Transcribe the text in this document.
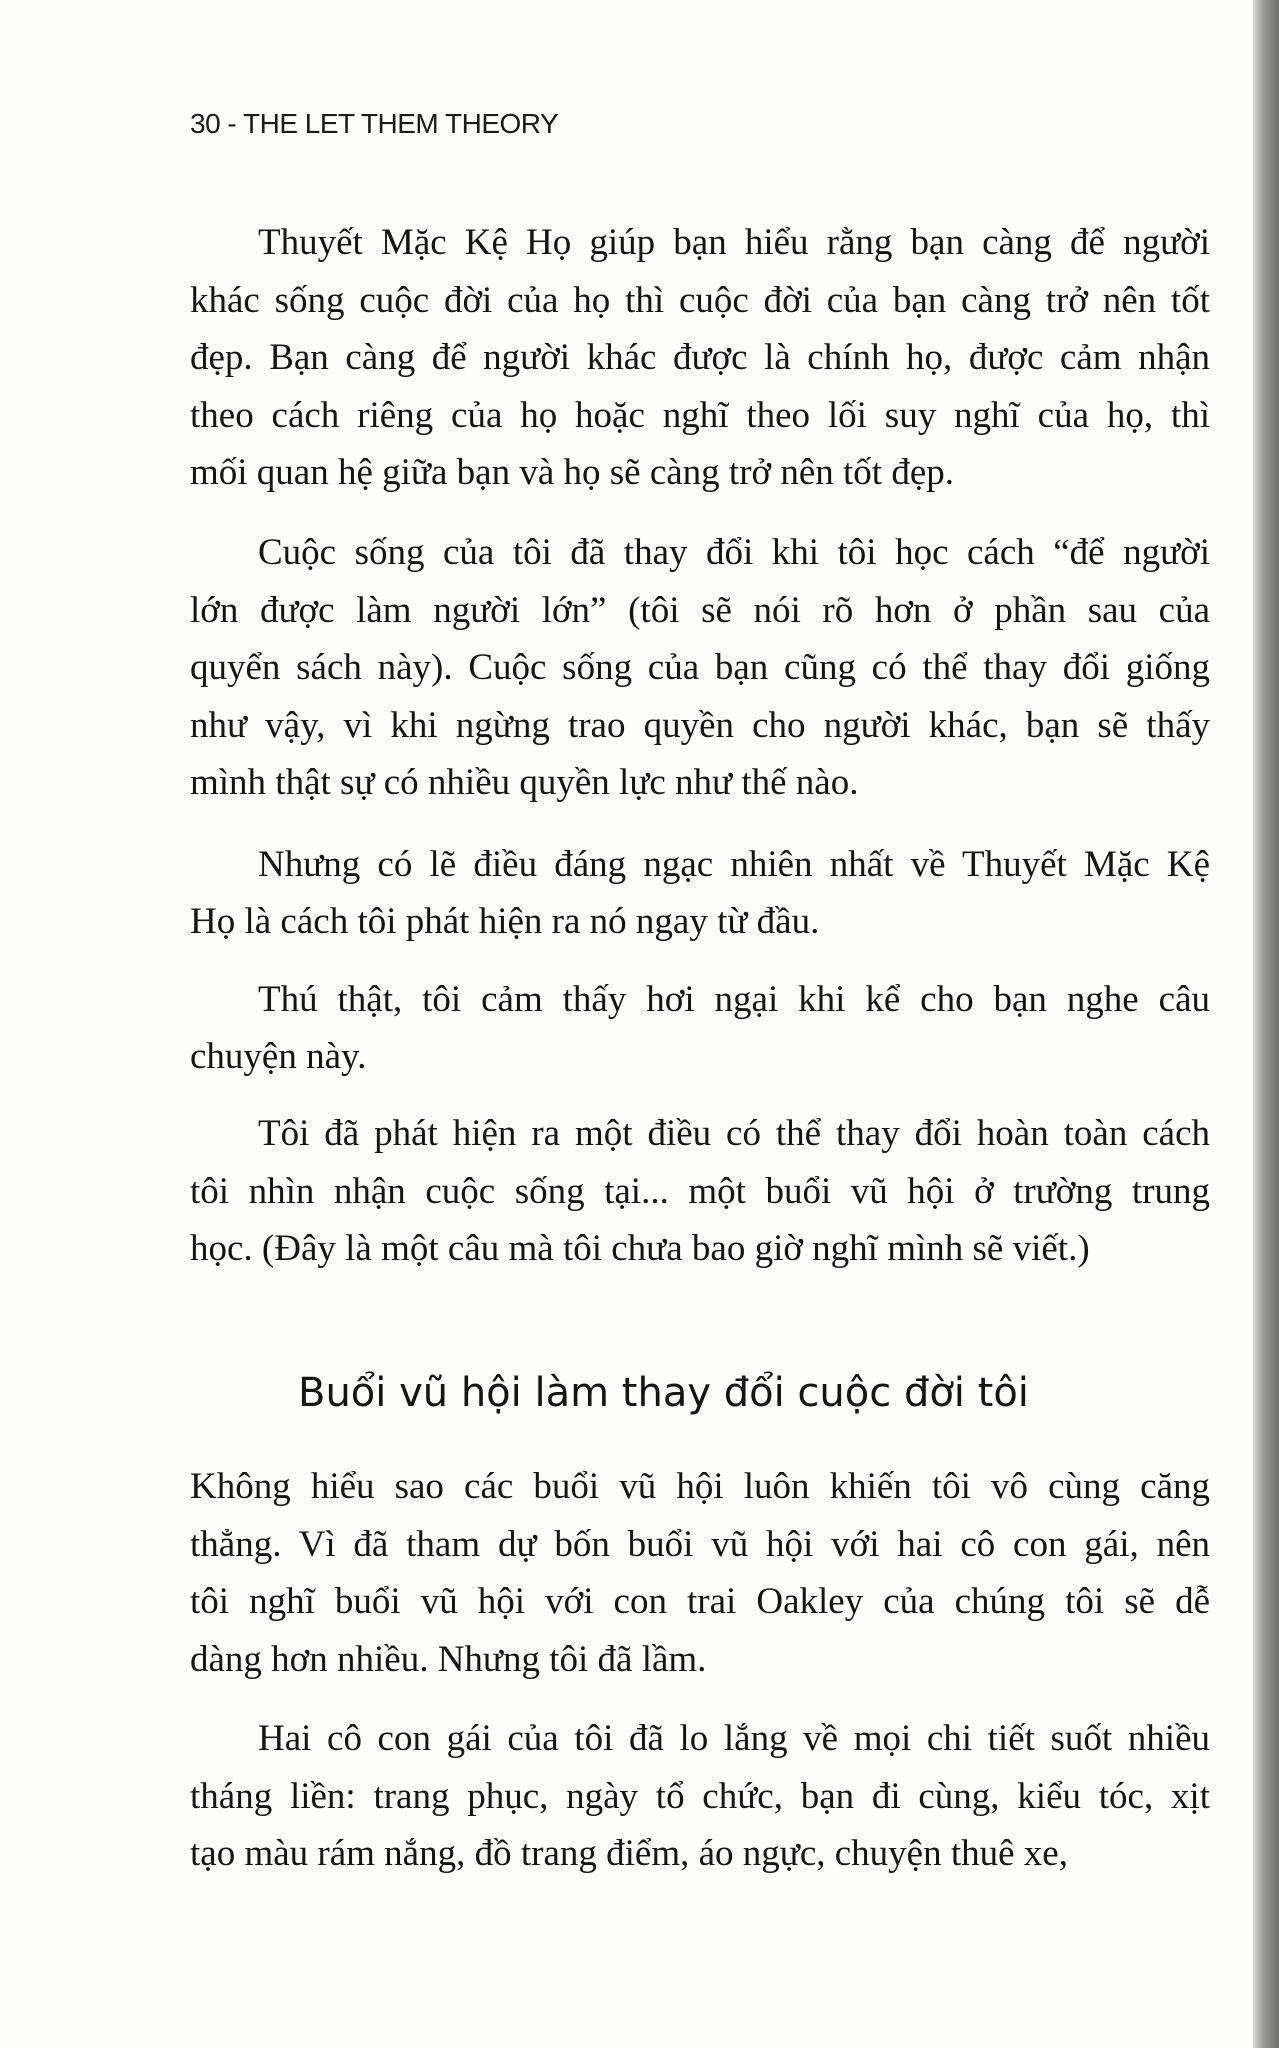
30 - THE LET THEM THEORY
Thuyết Mặc Kệ Họ giúp bạn hiểu rằng bạn càng để người
khác sống cuộc đời của họ thì cuộc đời của bạn càng trở nên tốt
đẹp. Bạn càng để người khác được là chính họ, được cảm nhận
theo cách riêng của họ hoặc nghĩ theo lối suy nghĩ của họ, thì
mối quan hệ giữa bạn và họ sẽ càng trở nên tốt đẹp.
Cuộc sống của tôi đã thay đổi khi tôi học cách “để người
lớn được làm người lớn” (tôi sẽ nói rõ hơn ở phần sau của
quyển sách này). Cuộc sống của bạn cũng có thể thay đổi giống
như vậy, vì khi ngừng trao quyền cho người khác, bạn sẽ thấy
mình thật sự có nhiều quyền lực như thế nào.
Nhưng có lẽ điều đáng ngạc nhiên nhất về Thuyết Mặc Kệ
Họ là cách tôi phát hiện ra nó ngay từ đầu.
Thú thật, tôi cảm thấy hơi ngại khi kể cho bạn nghe câu
chuyện này.
Tôi đã phát hiện ra một điều có thể thay đổi hoàn toàn cách
tôi nhìn nhận cuộc sống tại... một buổi vũ hội ở trường trung
học. (Đây là một câu mà tôi chưa bao giờ nghĩ mình sẽ viết.)
Buổi vũ hội làm thay đổi cuộc đời tôi
Không hiểu sao các buổi vũ hội luôn khiến tôi vô cùng căng
thẳng. Vì đã tham dự bốn buổi vũ hội với hai cô con gái, nên
tôi nghĩ buổi vũ hội với con trai Oakley của chúng tôi sẽ dễ
dàng hơn nhiều. Nhưng tôi đã lầm.
Hai cô con gái của tôi đã lo lắng về mọi chi tiết suốt nhiều
tháng liền: trang phục, ngày tổ chức, bạn đi cùng, kiểu tóc, xịt
tạo màu rám nắng, đồ trang điểm, áo ngực, chuyện thuê xe,
